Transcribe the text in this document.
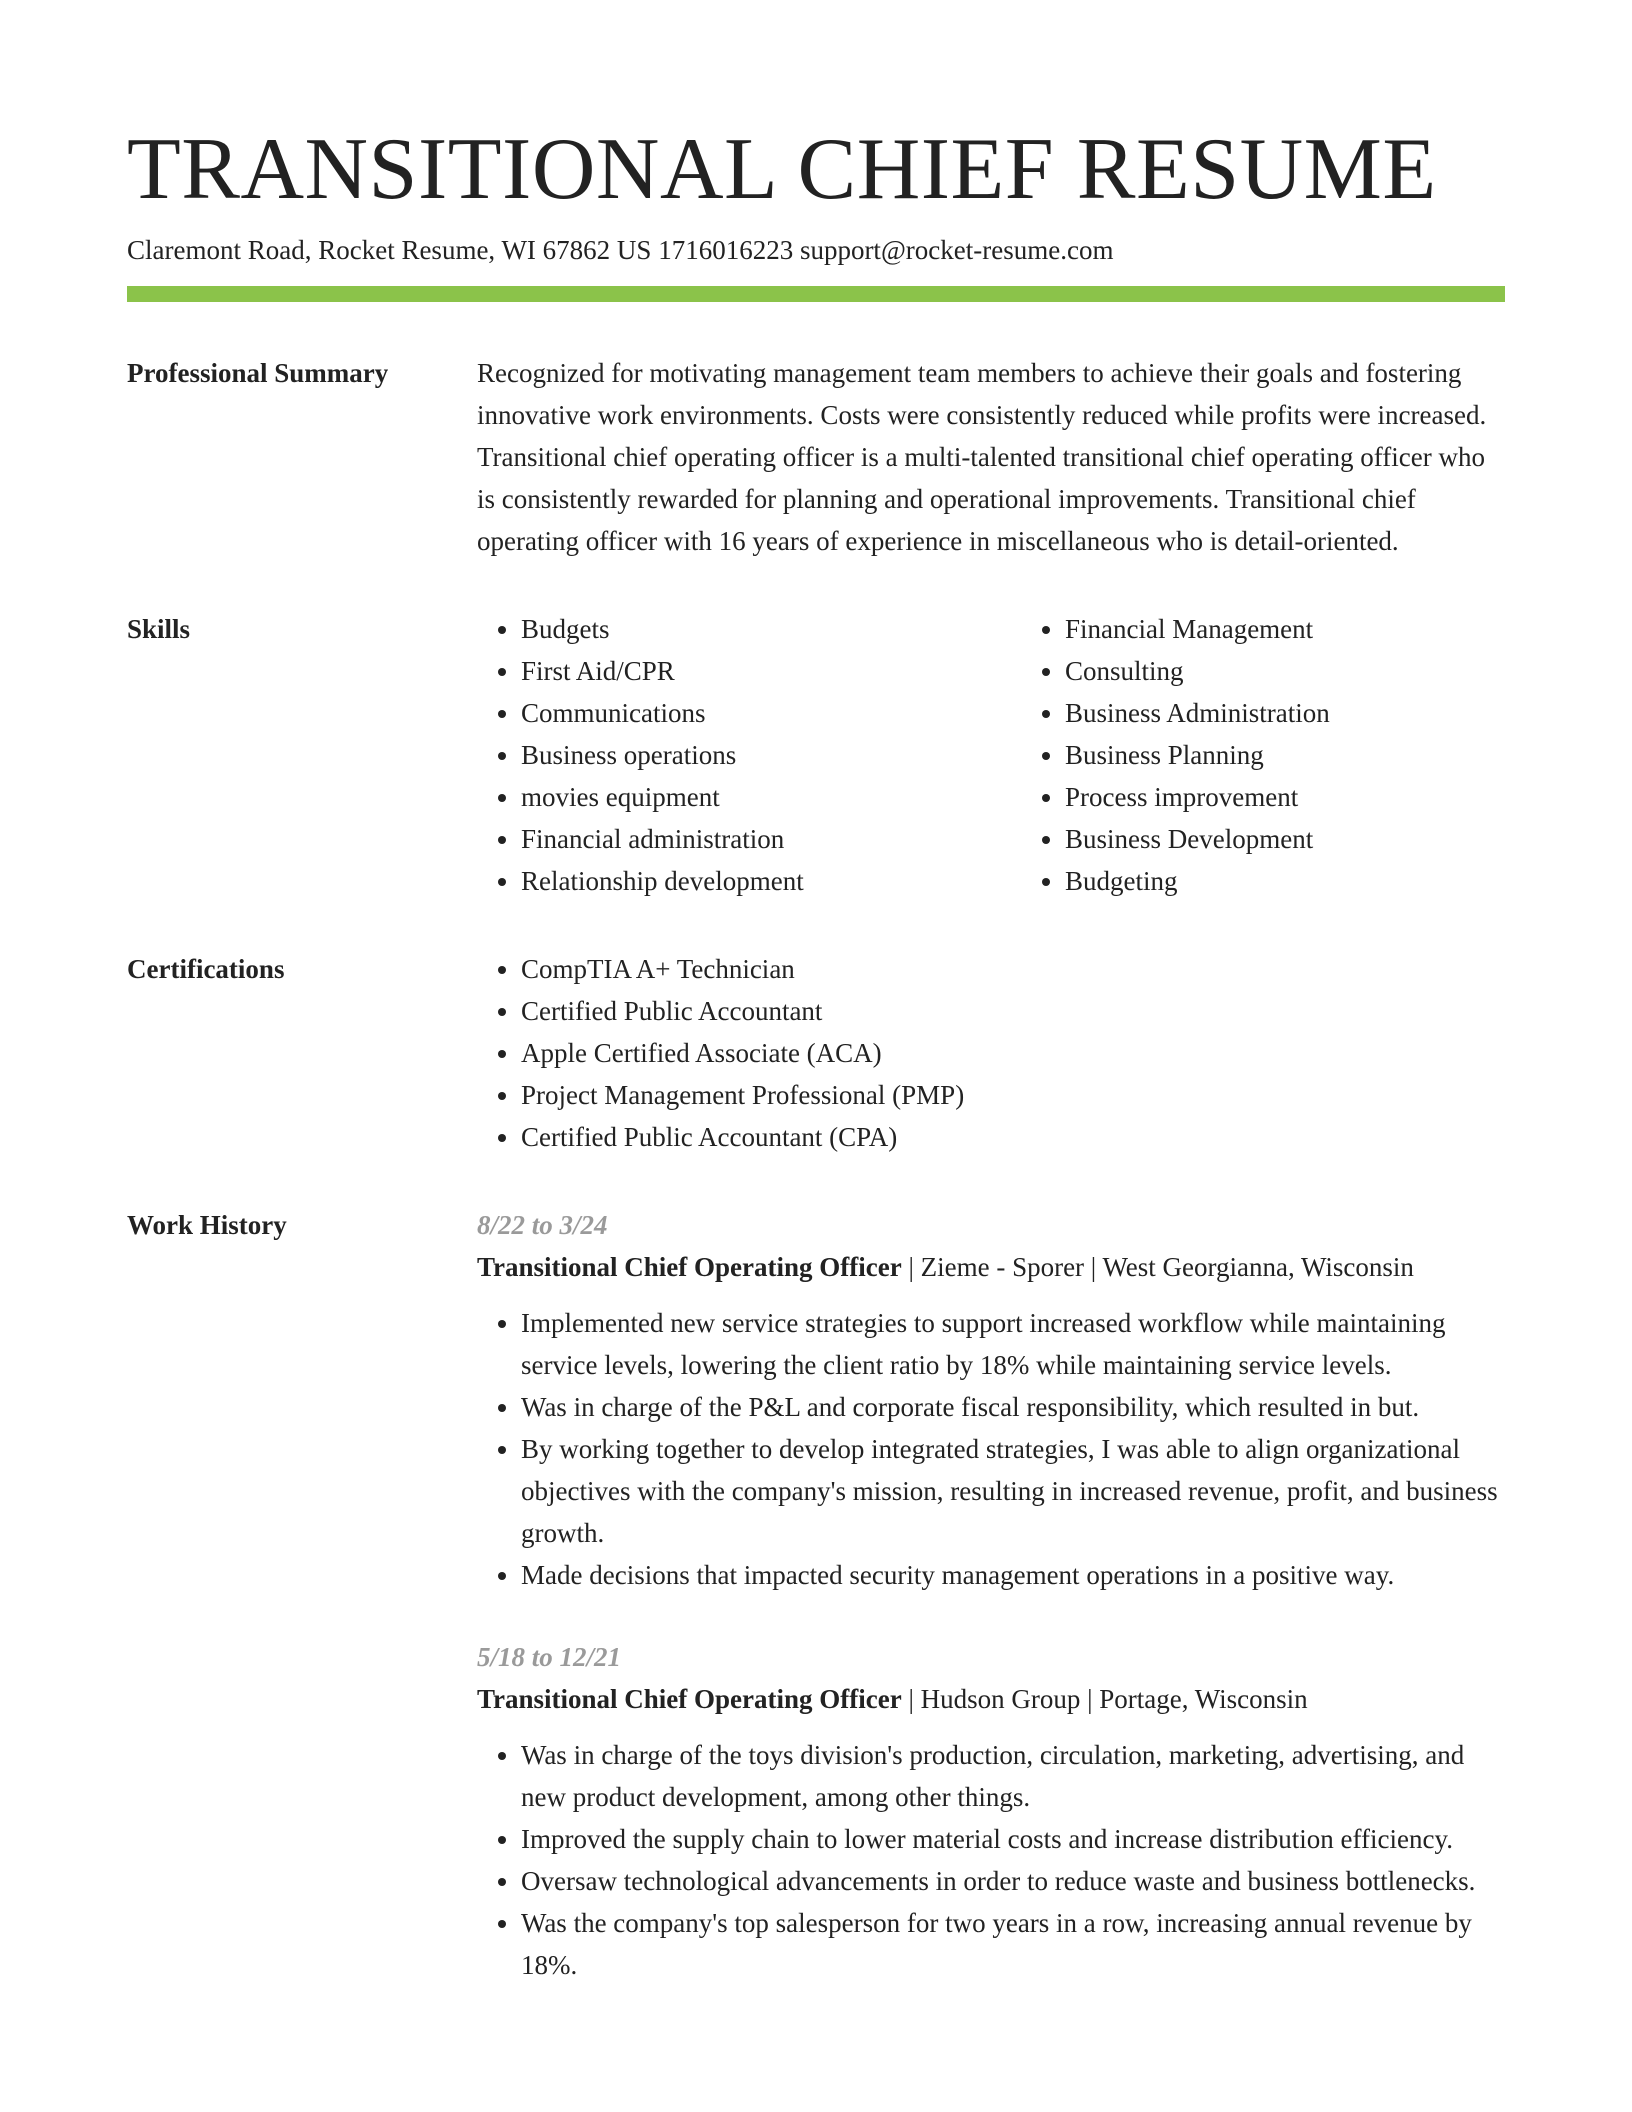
TRANSITIONAL CHIEF RESUME
Claremont Road, Rocket Resume, WI 67862 US 1716016223 support@rocket-resume.com
Professional Summary	Recognized for motivating management team members to achieve their goals and fostering innovative work environments. Costs were consistently reduced while profits were increased. Transitional chief operating officer is a multi-talented transitional chief operating officer who is consistently rewarded for planning and operational improvements. Transitional chief operating officer with 16 years of experience in miscellaneous who is detail-oriented.

Skills	• Budgets
• First Aid/CPR
• Communications
• Business operations
• movies equipment
• Financial administration
• Relationship development
• Financial Management
• Consulting
• Business Administration
• Business Planning
• Process improvement
• Business Development
• Budgeting
Certifications	• CompTIA A+ Technician
• Certified Public Accountant
• Apple Certified Associate (ACA)
• Project Management Professional (PMP)
• Certified Public Accountant (CPA)
Work History	8/22 to 3/24
Transitional Chief Operating Officer | Zieme - Sporer | West Georgianna, Wisconsin
• Implemented new service strategies to support increased workflow while maintaining service levels, lowering the client ratio by 18% while maintaining service levels.
• Was in charge of the P&L and corporate fiscal responsibility, which resulted in but.
• By working together to develop integrated strategies, I was able to align organizational objectives with the company's mission, resulting in increased revenue, profit, and business growth.
• Made decisions that impacted security management operations in a positive way.
5/18 to 12/21
Transitional Chief Operating Officer | Hudson Group | Portage, Wisconsin
• Was in charge of the toys division's production, circulation, marketing, advertising, and new product development, among other things.
• Improved the supply chain to lower material costs and increase distribution efficiency.
• Oversaw technological advancements in order to reduce waste and business bottlenecks.
• Was the company's top salesperson for two years in a row, increasing annual revenue by 18%.
